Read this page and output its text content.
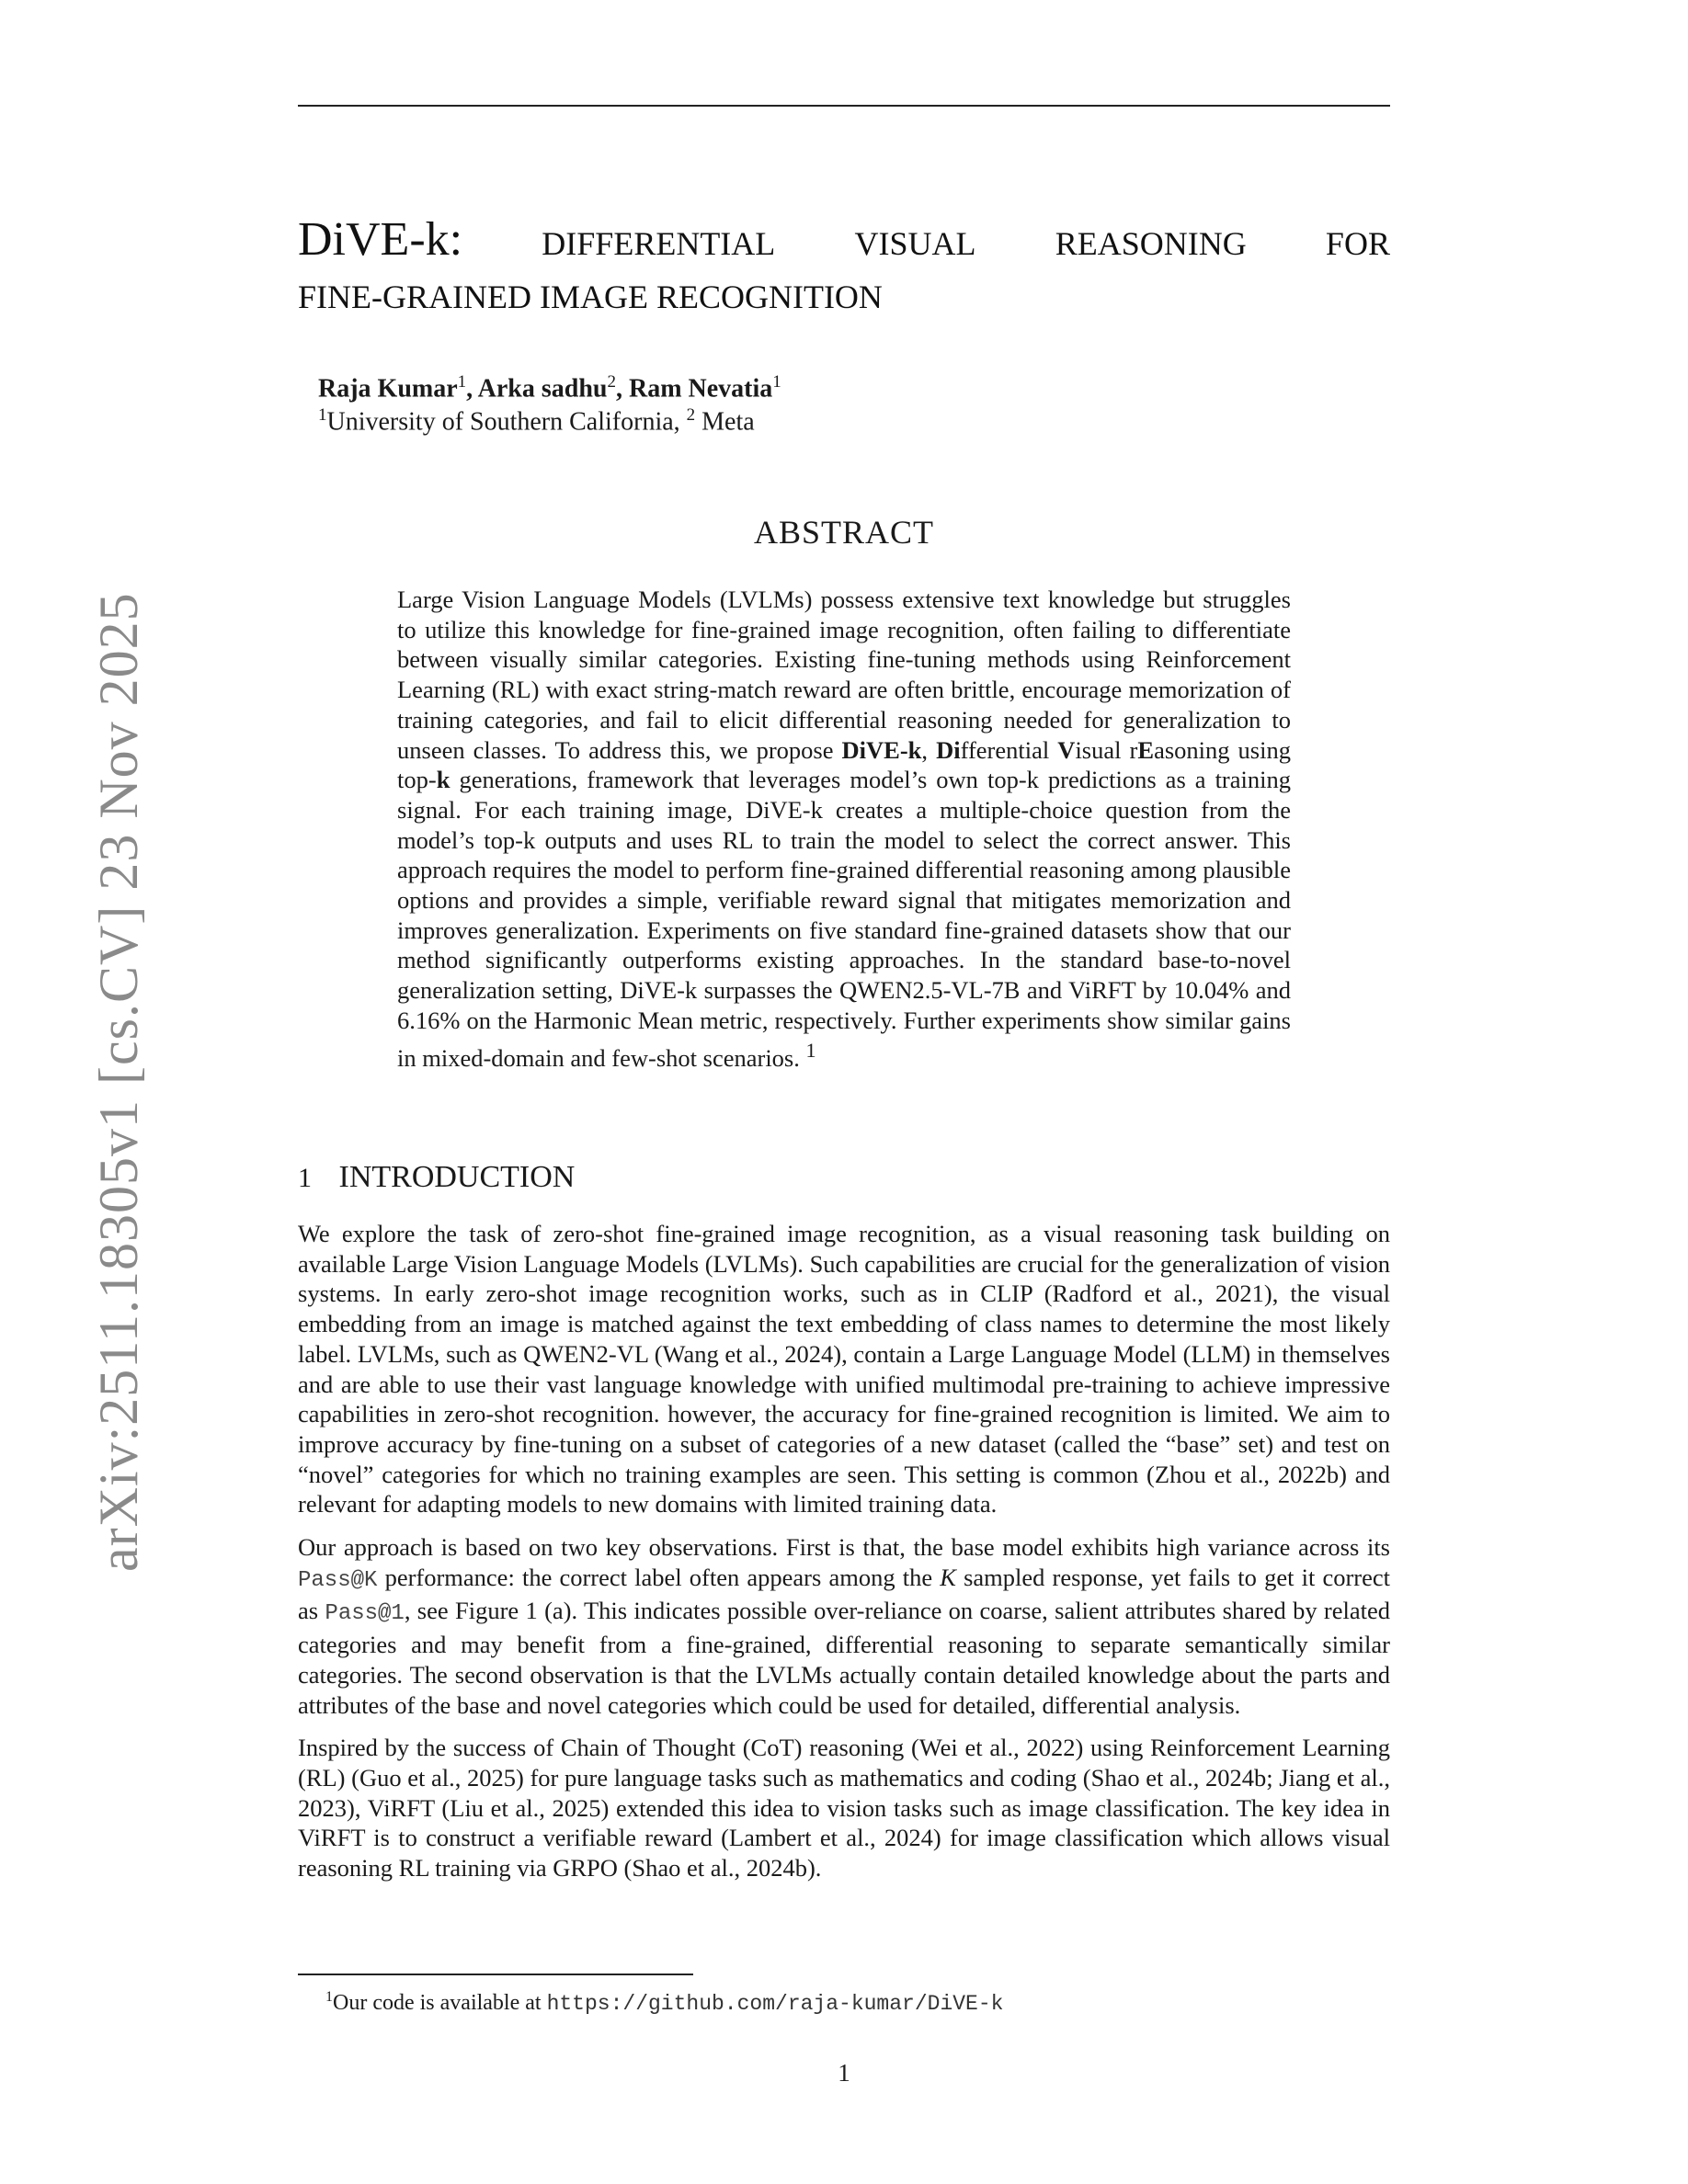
arXiv:2511.18305v1 [cs.CV] 23 Nov 2025
DiVE-k: DIFFERENTIAL VISUAL REASONING FOR
FINE-GRAINED IMAGE RECOGNITION
Raja Kumar$^1$, Arka sadhu$^2$, Ram Nevatia$^1$
$^1$University of Southern California, $^2$ Meta
ABSTRACT
Large Vision Language Models (LVLMs) possess extensive text knowledge but struggles to utilize this knowledge for fine-grained image recognition, often failing to differentiate between visually similar categories. Existing fine-tuning methods using Reinforcement Learning (RL) with exact string-match reward are often brittle, encourage memorization of training categories, and fail to elicit differential reasoning needed for generalization to unseen classes. To address this, we propose DiVE-k, Differential Visual rEasoning using top-k generations, framework that leverages model’s own top-k predictions as a training signal. For each training image, DiVE-k creates a multiple-choice question from the model’s top-k outputs and uses RL to train the model to select the correct answer. This approach requires the model to perform fine-grained differential reasoning among plausible options and provides a simple, verifiable reward signal that mitigates memorization and improves generalization. Experiments on five standard fine-grained datasets show that our method significantly outperforms existing approaches. In the standard base-to-novel generalization setting, DiVE-k surpasses the QWEN2.5-VL-7B and ViRFT by 10.04% and 6.16% on the Harmonic Mean metric, respectively. Further experiments show similar gains in mixed-domain and few-shot scenarios. $^1$
1 INTRODUCTION

We explore the task of zero-shot fine-grained image recognition, as a visual reasoning task building on available Large Vision Language Models (LVLMs). Such capabilities are crucial for the generalization of vision systems. In early zero-shot image recognition works, such as in CLIP (Radford et al., 2021), the visual embedding from an image is matched against the text embedding of class names to determine the most likely label. LVLMs, such as QWEN2-VL (Wang et al., 2024), contain a Large Language Model (LLM) in themselves and are able to use their vast language knowledge with unified multimodal pre-training to achieve impressive capabilities in zero-shot recognition. however, the accuracy for fine-grained recognition is limited. We aim to improve accuracy by fine-tuning on a subset of categories of a new dataset (called the “base” set) and test on “novel” categories for which no training examples are seen. This setting is common (Zhou et al., 2022b) and relevant for adapting models to new domains with limited training data.

Our approach is based on two key observations. First is that, the base model exhibits high variance across its Pass@K performance: the correct label often appears among the K sampled response, yet fails to get it correct as Pass@1, see Figure 1 (a). This indicates possible over-reliance on coarse, salient attributes shared by related categories and may benefit from a fine-grained, differential reasoning to separate semantically similar categories. The second observation is that the LVLMs actually contain detailed knowledge about the parts and attributes of the base and novel categories which could be used for detailed, differential analysis.

Inspired by the success of Chain of Thought (CoT) reasoning (Wei et al., 2022) using Reinforcement Learning (RL) (Guo et al., 2025) for pure language tasks such as mathematics and coding (Shao et al., 2024b; Jiang et al., 2023), ViRFT (Liu et al., 2025) extended this idea to vision tasks such as image classification. The key idea in ViRFT is to construct a verifiable reward (Lambert et al., 2024) for image classification which allows visual reasoning RL training via GRPO (Shao et al., 2024b).

$^1$Our code is available at https://github.com/raja-kumar/DiVE-k
1
